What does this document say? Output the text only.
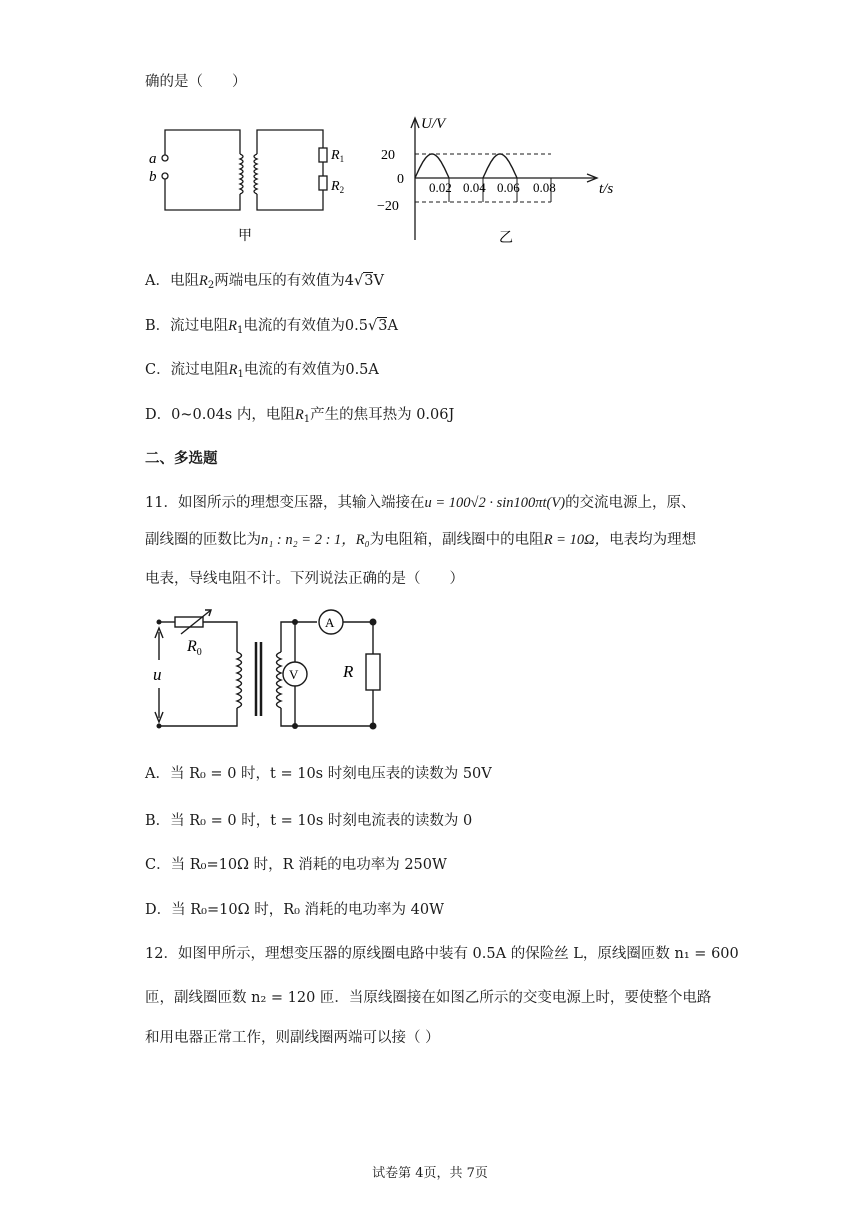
确的是（　　）
a
b
$R_1$
$R_2$
甲
U/V
20
0
−20
0.02 0.04 0.06 0.08	t/s
乙
A．电阻$R_2$两端电压的有效值为4√3V
B．流过电阻$R_1$电流的有效值为0.5√3A
C．流过电阻$R_1$电流的有效值为0.5A
D．0~0.04s 内，电阻$R_1$产生的焦耳热为 0.06J
二、多选题
11．如图所示的理想变压器，其输入端接在u = 100√2 · sin100πt(V)的交流电源上，原、
副线圈的匝数比为n₁ : n₂ = 2 : 1，R₀为电阻箱，副线圈中的电阻R = 10Ω，电表均为理想
电表，导线电阻不计。下列说法正确的是（　　）
$R_0$
u
A
V	R
A．当 R₀ = 0 时，t = 10s 时刻电压表的读数为 50V
B．当 R₀ = 0 时，t = 10s 时刻电流表的读数为 0
C．当 R₀=10Ω 时，R 消耗的电功率为 250W
D．当 R₀=10Ω 时，R₀ 消耗的电功率为 40W
12．如图甲所示，理想变压器的原线圈电路中装有 0.5A 的保险丝 L，原线圈匝数 n₁ = 600
匝，副线圈匝数 n₂ = 120 匝．当原线圈接在如图乙所示的交变电源上时，要使整个电路
和用电器正常工作，则副线圈两端可以接（ ）
试卷第 4页，共 7页
